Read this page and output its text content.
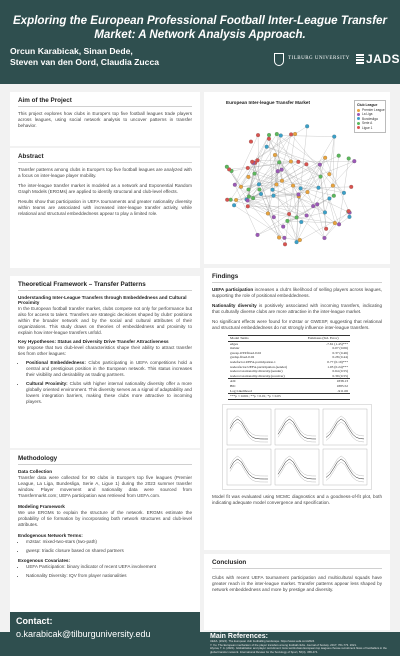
Exploring the European Professional Football Inter-League Transfer Market: A Network Analysis Approach.
Orcun Karabicak, Sinan Dede,
Steven van den Oord, Claudia Zucca	TILBURG UNIVERSITY JADS
Aim of the Project
This project explores how clubs in Europe's top five football leagues trade players across leagues, using social network analysis to uncover patterns in transfer behavior.
Abstract

Transfer patterns among clubs in Europe's top five football leagues are analyzed with a focus on inter-league player mobility.

The inter-league transfer market is modeled as a network and Exponential Random Graph Models (ERGMs) are applied to identify structural and club-level effects.

Results show that participation in UEFA tournaments and greater nationality diversity within teams are associated with increased inter-league transfer activity, while relational and structural embeddedness appear to play a limited role.

European Inter-league Transfer Market	Club League
Premier League
La Liga
Bundesliga
Serie A
Ligue 1
Theoretical Framework – Transfer Patterns
Understanding Inter-League Transfers through Embeddedness and Cultural Proximity
In the European football transfer market, clubs compete not only for performance but also for access to talent. Transfers are strategic decisions shaped by clubs' positions within the broader network and by the social and cultural attributes of their organizations. This study draws on theories of embeddedness and proximity to explain how inter-league transfers unfold.
Key Hypotheses: Status and Diversity Drive Transfer Attractiveness
We propose that two club-level characteristics shape their ability to attract transfer ties from other leagues:
• Positional Embeddedness: Clubs participating in UEFA competitions hold a central and prestigious position in the European network. This status increases their visibility and desirability as trading partners.
• Cultural Proximity: Clubs with higher internal nationality diversity offer a more globally oriented environment. This diversity serves as a signal of adaptability and lowers integration barriers, making these clubs more attractive to incoming players.
Findings

UEFA participation increases a club's likelihood of selling players across leagues, supporting the role of positional embeddedness.

Nationality diversity is positively associated with incoming transfers, indicating that culturally diverse clubs are more attractive in the inter-league market.

No significant effects were found for m2star or GWESP, suggesting that relational and structural embeddedness do not strongly influence inter-league transfers.

Model Terms	Estimates (Std. Error)
edges	-7.61 (1.45)***
m2star	0.07 (0.06)
gwesp.OTP.fixed.0.02	0.37 (0.46)
gwdsp.fixed.0.02	0.28 (0.44)
nodefactor.UEFA.participation.1	0.77 (0.19)***
nodeofactor.UEFA.participation.(sender)	1.03 (0.24)***
nodecov.nationality.diversity.(sender)	0.64 (0.55)
nodecov.nationality.diversity.(receiver)	0.39 (0.55)
AIC	1838.13
BIC	1885.52
Log Likelihood	-911.06
***p < 0.001; **p < 0.01; *p < 0.05	
Model fit was evaluated using MCMC diagnostics and a goodness-of-fit plot, both indicating adequate model convergence and specification.
Methodology
Data Collection
Transfer data were collected for 90 clubs in Europe's top five leagues (Premier League, La Liga, Bundesliga, Serie A, Ligue 1) during the 2023 summer transfer window. Player movement and nationality data were sourced from Transfermarkt.com; UEFA participation was retrieved from UEFA.com.
Modeling Framework
We use ERGMs to explain the structure of the network. ERGMs estimate the probability of tie formation by incorporating both network structures and club-level attributes.
Endogenous Network Terms:
• m2star: mixed-two-stars (two-path)
• gwesp: triadic closure based on shared partners
Exogenous Covariates:
• UEFA Participation: binary indicator of recent UEFA involvement
• Nationality Diversity: IQV from player nationalities
Conclusion
Clubs with recent UEFA tournament participation and multicultural squads have greater reach in the inter-league market. Transfer patterns appear less shaped by network embeddedness and more by prestige and diversity.
Contact:
o.karabicak@tilburguniversity.edu	Main References:
UEFA. (2024). The European club footballing landscape. https://www.uefa.com/2024
Y. Xu. The European mechanism of the player transfers among football clubs. Journal of Society. 2017; 761-773. 2021.
Hlyova, T. A. (2021). Globalization and player recruitment: How world-class European top leagues choose recruitment flows of footballers in the global transfer network. International Review for the Sociology of Sport, 56(4), 458-474.
